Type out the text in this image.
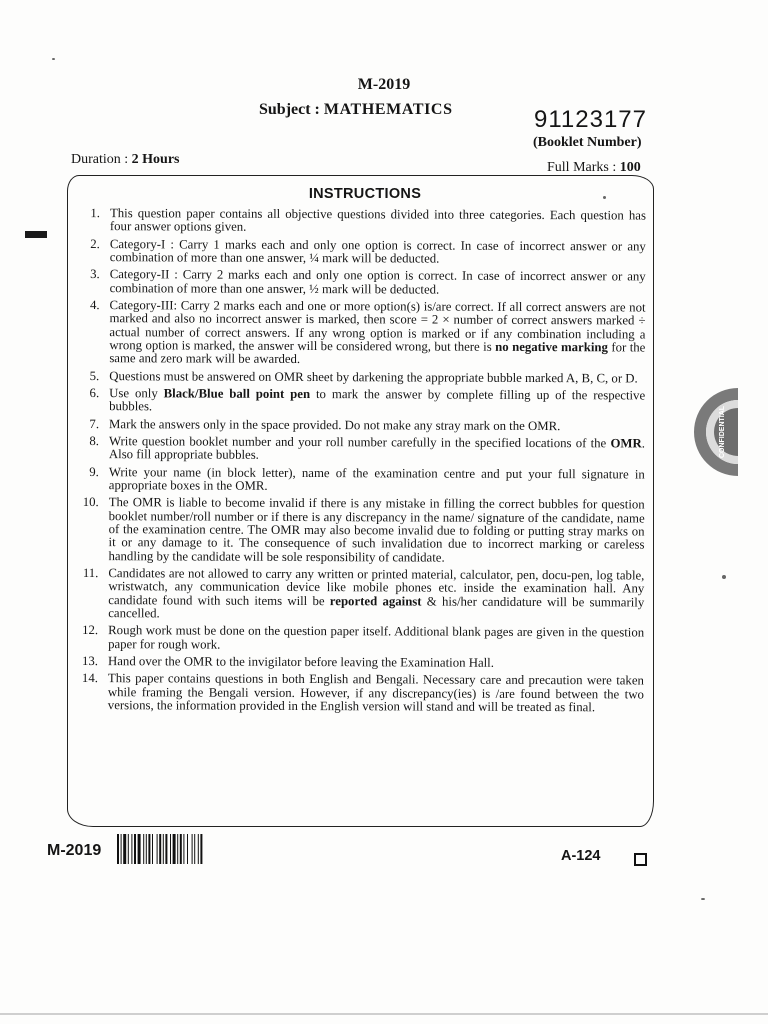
M-2019
Subject : MATHEMATICS	91123177
(Booklet Number)
Duration : 2 Hours
Full Marks : 100
INSTRUCTIONS
1 . This question paper contains all objective questions divided into three categories. Each question has four answer options given.
2 . Category-I : Carry 1 marks each and only one option is correct. In case of incorrect answer or any combination of more than one answer, ¼ mark will be deducted.
3 . Category-II : Carry 2 marks each and only one option is correct. In case of incorrect answer or any combination of more than one answer, ½ mark will be deducted.
4 . Category-III: Carry 2 marks each and one or more option(s) is/are correct. If all correct answers are not marked and also no incorrect answer is marked, then score = 2 × number of correct answers marked ÷ actual number of correct answers. If any wrong option is marked or if any combination including a wrong option is marked, the answer will be considered wrong, but there is no negative marking for the same and zero mark will be awarded.
5 . Questions must be answered on OMR sheet by darkening the appropriate bubble marked A, B, C, or D.
6 . Use only Black/Blue ball point pen to mark the answer by complete filling up of the respective bubbles.
7 . Mark the answers only in the space provided. Do not make any stray mark on the OMR.
8 . Write question booklet number and your roll number carefully in the specified locations of the OMR. Also fill appropriate bubbles.
9 . Write your name (in block letter), name of the examination centre and put your full signature in appropriate boxes in the OMR.
10 . The OMR is liable to become invalid if there is any mistake in filling the correct bubbles for question booklet number/roll number or if there is any discrepancy in the name/ signature of the candidate, name of the examination centre. The OMR may also become invalid due to folding or putting stray marks on it or any damage to it. The consequence of such invalidation due to incorrect marking or careless handling by the candidate will be sole responsibility of candidate.
11 . Candidates are not allowed to carry any written or printed material, calculator, pen, docu-pen, log table, wristwatch, any communication device like mobile phones etc. inside the examination hall. Any candidate found with such items will be reported against & his/her candidature will be summarily cancelled.
12 . Rough work must be done on the question paper itself. Additional blank pages are given in the question paper for rough work.
13 . Hand over the OMR to the invigilator before leaving the Examination Hall.
14 . This paper contains questions in both English and Bengali. Necessary care and precaution were taken while framing the Bengali version. However, if any discrepancy(ies) is /are found between the two versions, the information provided in the English version will stand and will be treated as final.
CONFIDENTIAL
M-2019	A-124
